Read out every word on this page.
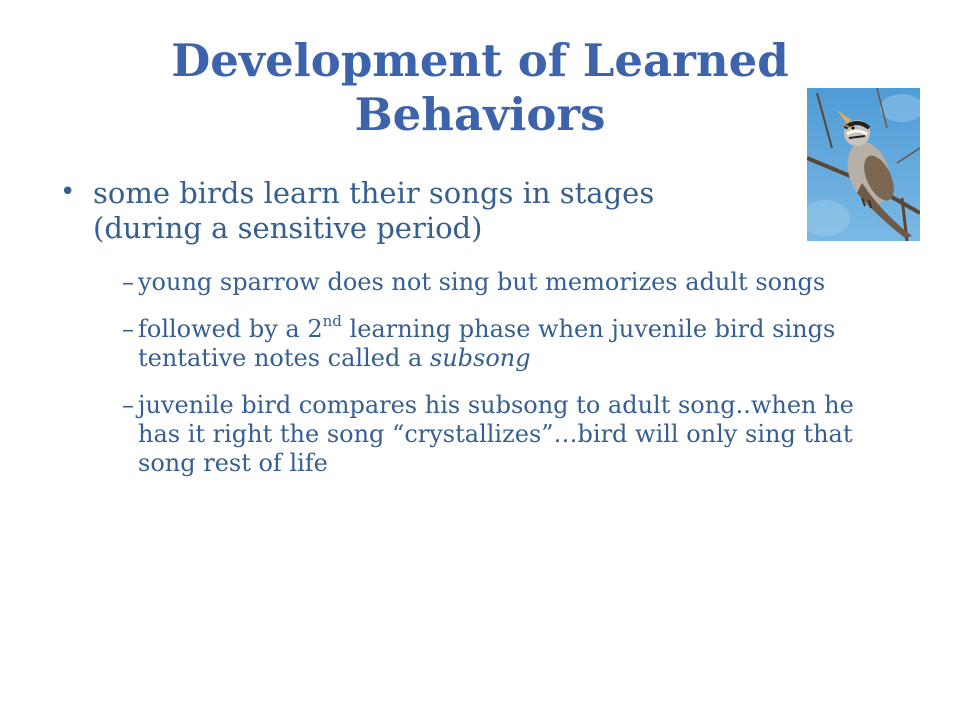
Development of Learned Behaviors
• some birds learn their songs in stages
(during a sensitive period)
– young sparrow does not sing but memorizes adult songs
– followed by a 2nd learning phase when juvenile bird sings tentative notes called a subsong
– juvenile bird compares his subsong to adult song..when he has it right the song “crystallizes”…bird will only sing that song rest of life
